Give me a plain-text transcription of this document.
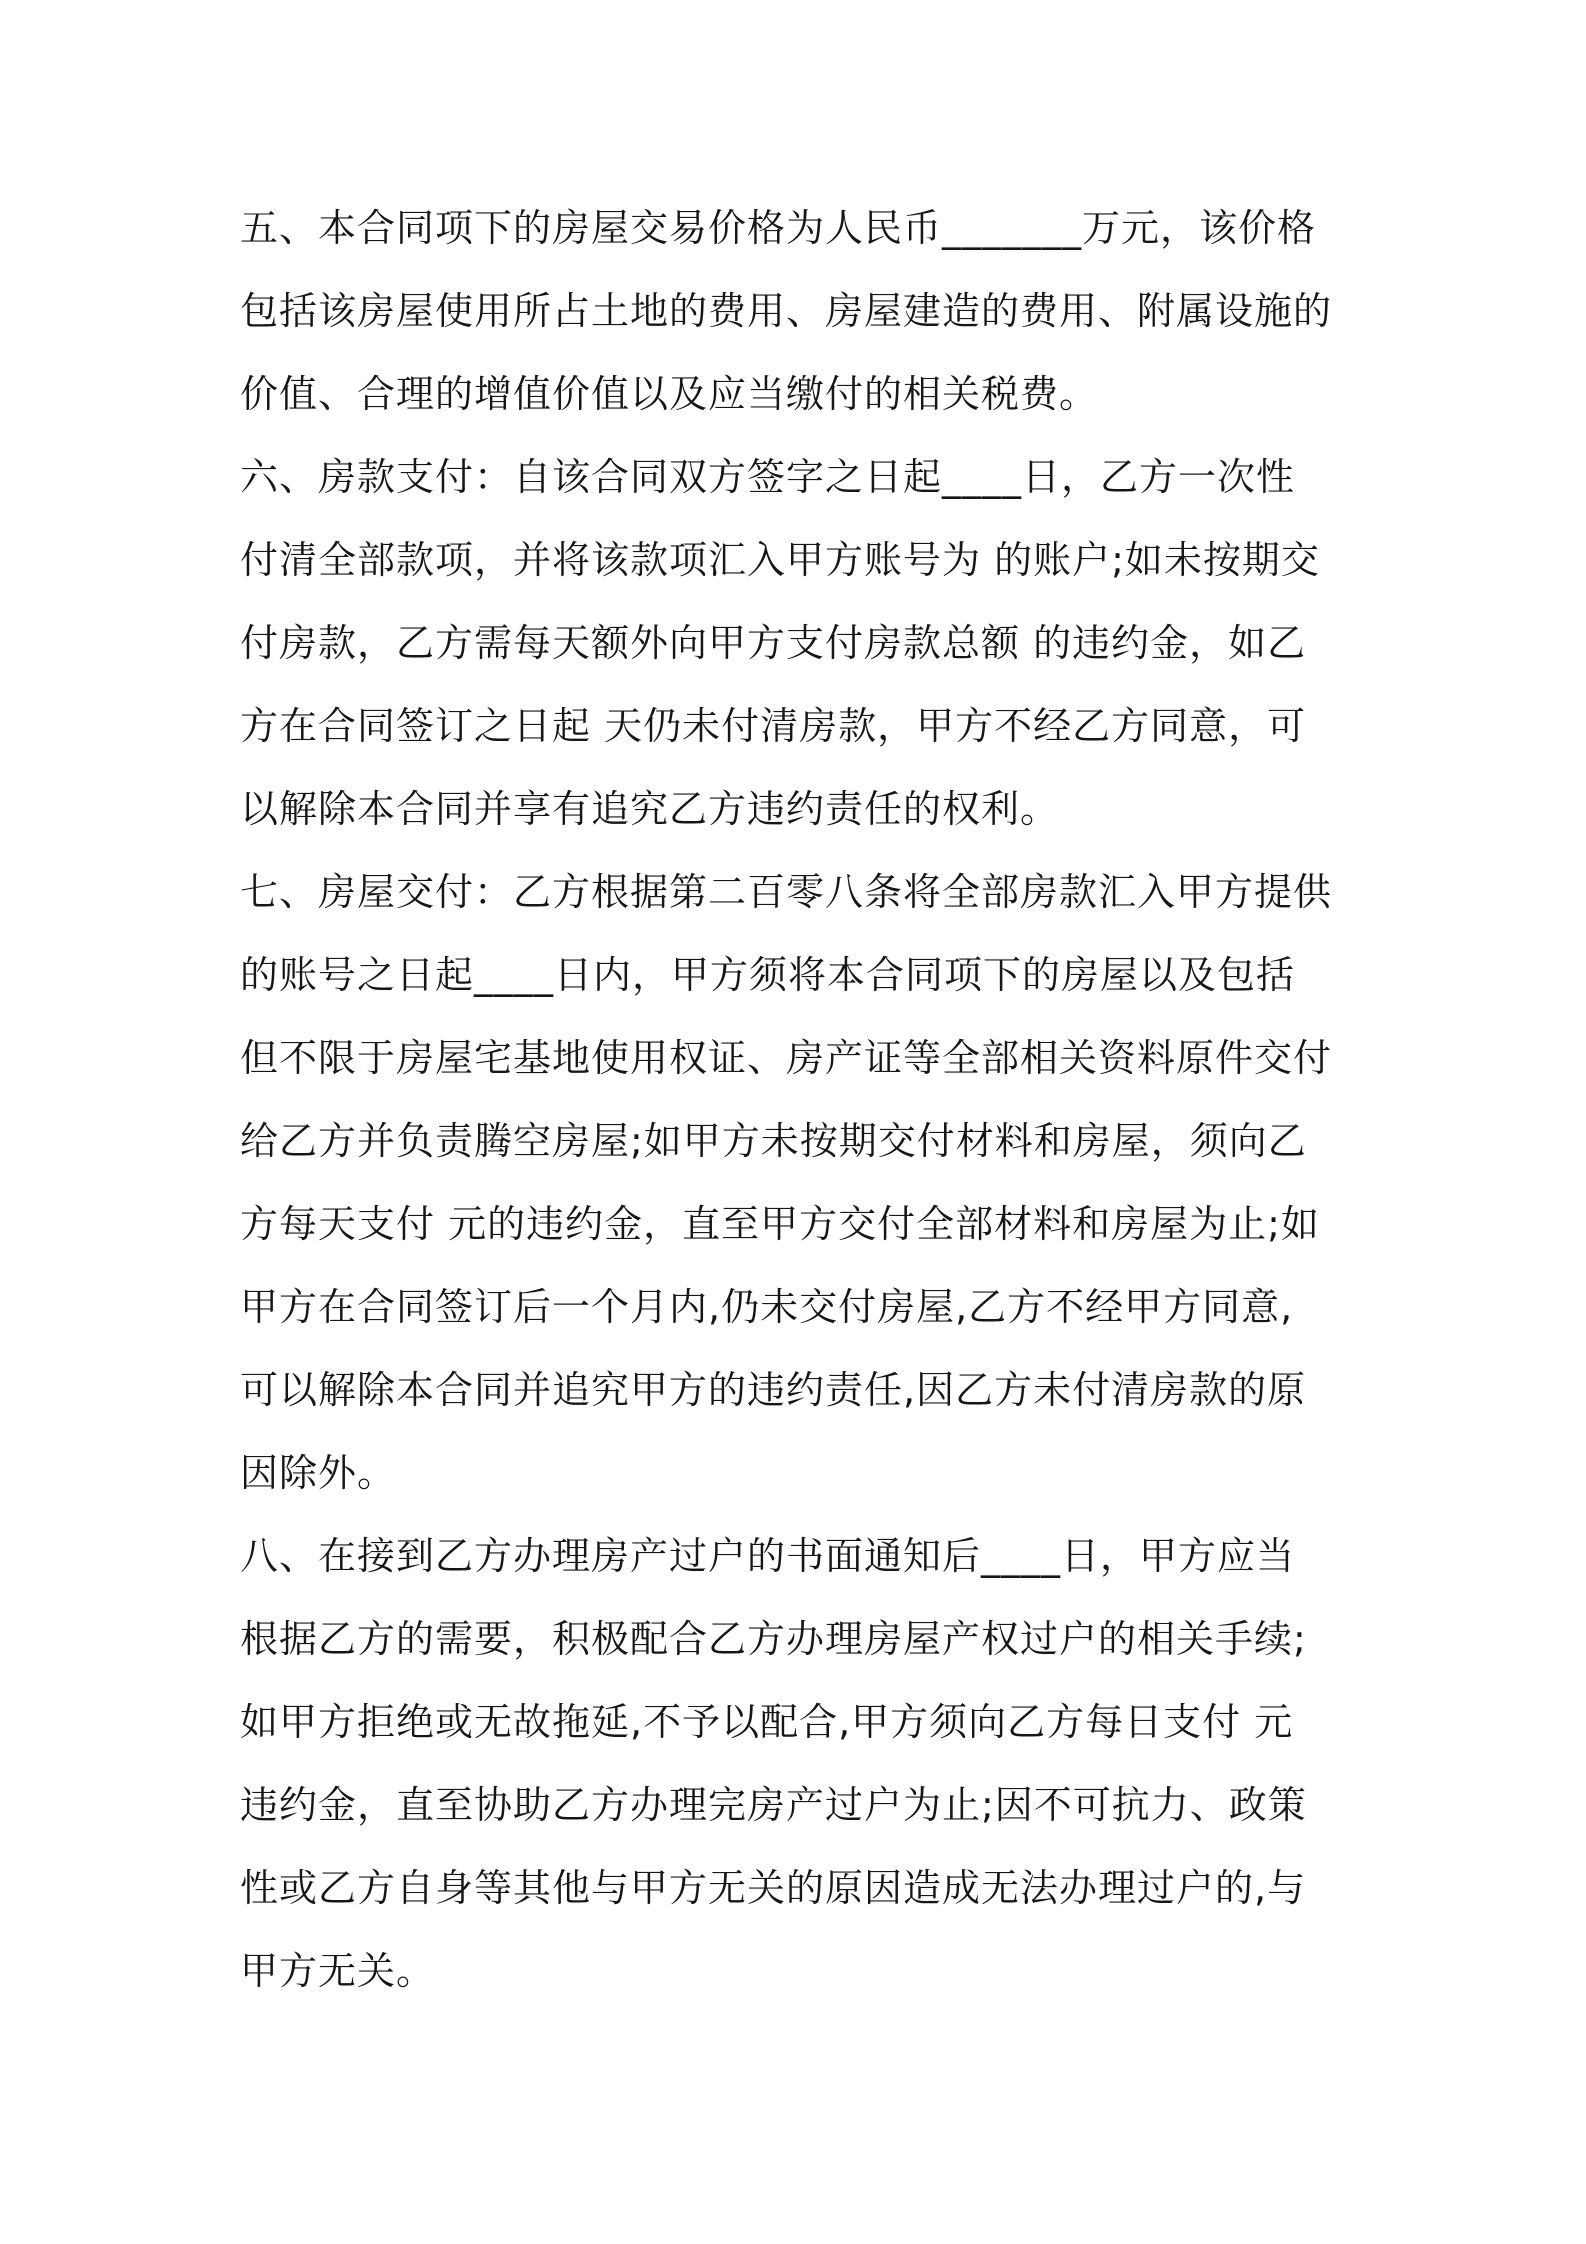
五、本合同项下的房屋交易价格为人民币_______万元，该价格
包括该房屋使用所占土地的费用、房屋建造的费用、附属设施的
价值、合理的增值价值以及应当缴付的相关税费。
六、房款支付：自该合同双方签字之日起____日，乙方一次性
付清全部款项，并将该款项汇入甲方账号为 的账户;如未按期交
付房款，乙方需每天额外向甲方支付房款总额 的违约金，如乙
方在合同签订之日起 天仍未付清房款，甲方不经乙方同意，可
以解除本合同并享有追究乙方违约责任的权利。
七、房屋交付：乙方根据第二百零八条将全部房款汇入甲方提供
的账号之日起____日内，甲方须将本合同项下的房屋以及包括
但不限于房屋宅基地使用权证、房产证等全部相关资料原件交付
给乙方并负责腾空房屋;如甲方未按期交付材料和房屋，须向乙
方每天支付 元的违约金，直至甲方交付全部材料和房屋为止;如
甲方在合同签订后一个月内,仍未交付房屋,乙方不经甲方同意,
可以解除本合同并追究甲方的违约责任,因乙方未付清房款的原
因除外。
八、在接到乙方办理房产过户的书面通知后____日，甲方应当
根据乙方的需要，积极配合乙方办理房屋产权过户的相关手续;
如甲方拒绝或无故拖延,不予以配合,甲方须向乙方每日支付 元
违约金，直至协助乙方办理完房产过户为止;因不可抗力、政策
性或乙方自身等其他与甲方无关的原因造成无法办理过户的,与
甲方无关。
